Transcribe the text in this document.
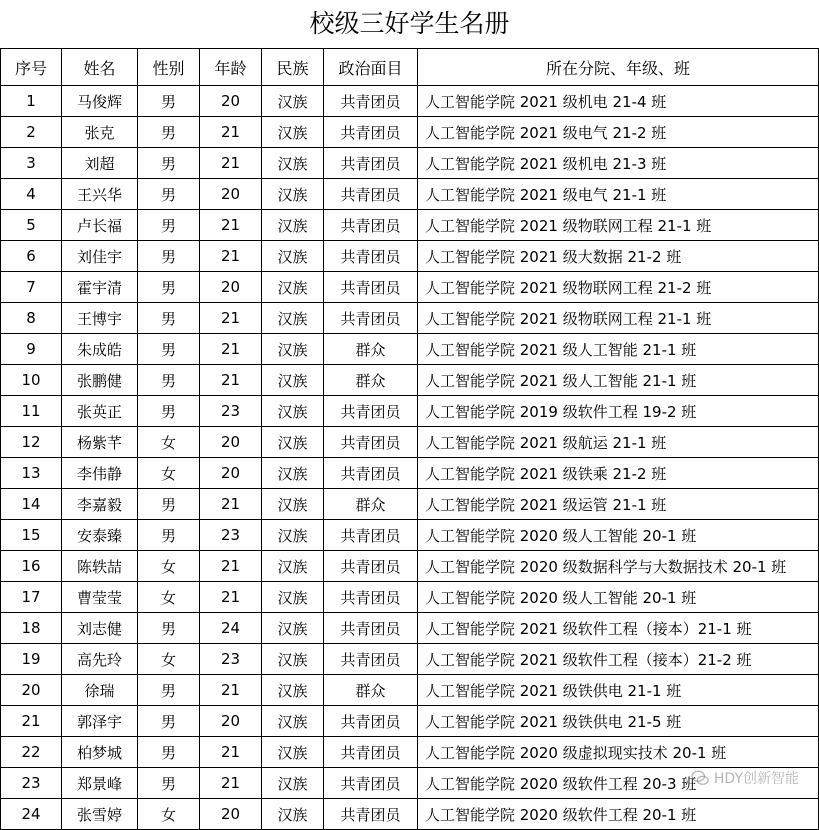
校级三好学生名册
序号	姓名	性别	年龄	民族	政治面目	所在分院、年级、班
1	马俊辉	男	20	汉族	共青团员	人工智能学院 2021 级机电 21-4 班
2	张克	男	21	汉族	共青团员	人工智能学院 2021 级电气 21-2 班
3	刘超	男	21	汉族	共青团员	人工智能学院 2021 级机电 21-3 班
4	王兴华	男	20	汉族	共青团员	人工智能学院 2021 级电气 21-1 班
5	卢长福	男	21	汉族	共青团员	人工智能学院 2021 级物联网工程 21-1 班
6	刘佳宇	男	21	汉族	共青团员	人工智能学院 2021 级大数据 21-2 班
7	霍宇清	男	20	汉族	共青团员	人工智能学院 2021 级物联网工程 21-2 班
8	王博宇	男	21	汉族	共青团员	人工智能学院 2021 级物联网工程 21-1 班
9	朱成皓	男	21	汉族	群众	人工智能学院 2021 级人工智能 21-1 班
10	张鹏健	男	21	汉族	群众	人工智能学院 2021 级人工智能 21-1 班
11	张英正	男	23	汉族	共青团员	人工智能学院 2019 级软件工程 19-2 班
12	杨紫芊	女	20	汉族	共青团员	人工智能学院 2021 级航运 21-1 班
13	李伟静	女	20	汉族	共青团员	人工智能学院 2021 级铁乘 21-2 班
14	李嘉毅	男	21	汉族	群众	人工智能学院 2021 级运管 21-1 班
15	安泰臻	男	23	汉族	共青团员	人工智能学院 2020 级人工智能 20-1 班
16	陈轶喆	女	21	汉族	共青团员	人工智能学院 2020 级数据科学与大数据技术 20-1 班
17	曹莹莹	女	21	汉族	共青团员	人工智能学院 2020 级人工智能 20-1 班
18	刘志健	男	24	汉族	共青团员	人工智能学院 2021 级软件工程（接本）21-1 班
19	高先玲	女	23	汉族	共青团员	人工智能学院 2021 级软件工程（接本）21-2 班
20	徐瑞	男	21	汉族	群众	人工智能学院 2021 级铁供电 21-1 班
21	郭泽宇	男	20	汉族	共青团员	人工智能学院 2021 级铁供电 21-5 班
22	柏梦城	男	21	汉族	共青团员	人工智能学院 2020 级虚拟现实技术 20-1 班
23	郑景峰	男	21	汉族	共青团员	人工智能学院 2020 级软件工程 20-3 班
24	张雪婷	女	20	汉族	共青团员	人工智能学院 2020 级软件工程 20-1 班
HDY创新智能
